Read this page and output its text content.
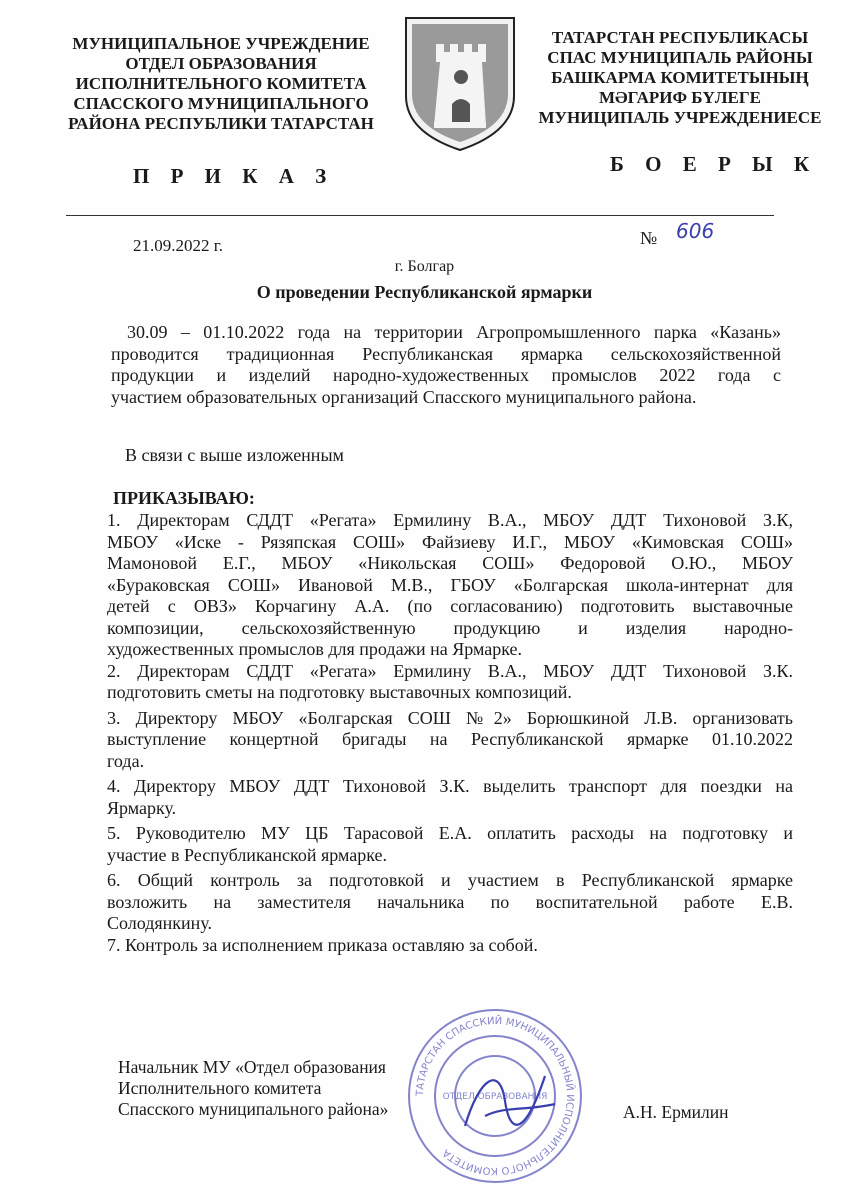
МУНИЦИПАЛЬНОЕ УЧРЕЖДЕНИЕ
ОТДЕЛ ОБРАЗОВАНИЯ
ИСПОЛНИТЕЛЬНОГО КОМИТЕТА
СПАССКОГО МУНИЦИПАЛЬНОГО
РАЙОНА РЕСПУБЛИКИ ТАТАРСТАН
ТАТАРСТАН РЕСПУБЛИКАСЫ
СПАС МУНИЦИПАЛЬ РАЙОНЫ
БАШКАРМА КОМИТЕТЫНЫҢ
МӘГАРИФ БҮЛЕГЕ
МУНИЦИПАЛЬ УЧРЕЖДЕНИЕСЕ
П Р И К А З	Б О Е Р Ы К
21.09.2022 г.	№ 606
г. Болгар
О проведении Республиканской ярмарки
30.09 – 01.10.2022 года на территории Агропромышленного парка «Казань»
проводится традиционная Республиканская ярмарка сельскохозяйственной
продукции и изделий народно-художественных промыслов 2022 года с
участием образовательных организаций Спасского муниципального района.
В связи с выше изложенным
ПРИКАЗЫВАЮ:
1. Директорам СДДТ «Регата» Ермилину В.А., МБОУ ДДТ Тихоновой З.К,
МБОУ «Иске - Рязяпская СОШ» Файзиеву И.Г., МБОУ «Кимовская СОШ»
Мамоновой Е.Г., МБОУ «Никольская СОШ» Федоровой О.Ю., МБОУ
«Бураковская СОШ» Ивановой М.В., ГБОУ «Болгарская школа-интернат для
детей с ОВЗ» Корчагину А.А. (по согласованию) подготовить выставочные
композиции, сельскохозяйственную продукцию и изделия народно-
художественных промыслов для продажи на Ярмарке.
2. Директорам СДДТ «Регата» Ермилину В.А., МБОУ ДДТ Тихоновой З.К.
подготовить сметы на подготовку выставочных композиций.
3. Директору МБОУ «Болгарская СОШ №2» Борюшкиной Л.В. организовать
выступление концертной бригады на Республиканской ярмарке 01.10.2022
года.
4. Директору МБОУ ДДТ Тихоновой З.К. выделить транспорт для поездки на
Ярмарку.
5. Руководителю МУ ЦБ Тарасовой Е.А. оплатить расходы на подготовку и
участие в Республиканской ярмарке.
6. Общий контроль за подготовкой и участием в Республиканской ярмарке
возложить на заместителя начальника по воспитательной работе Е.В.
Солодянкину.
7. Контроль за исполнением приказа оставляю за собой.
ТАТАРСТАН СПАССКИЙ МУНИЦИПАЛЬНЫЙ ИСПОЛНИТЕЛЬНОГО КОМИТЕТА
ОТДЕЛ ОБРАЗОВАНИЯ
Начальник МУ «Отдел образования
Исполнительного комитета
Спасского муниципального района»	А.Н. Ермилин
